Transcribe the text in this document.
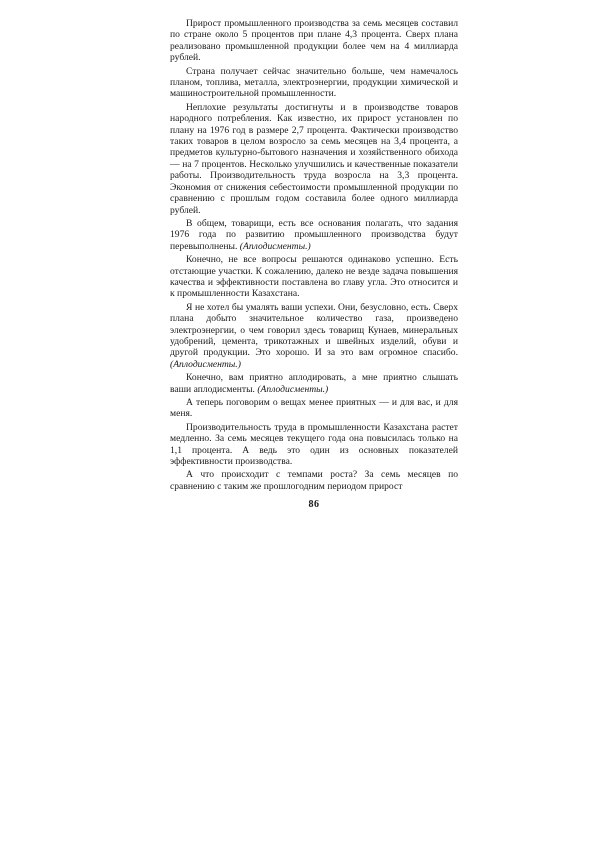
Прирост промышленного производства за семь месяцев составил по стране около 5 процентов при плане 4,3 процента. Сверх плана реализовано промышленной продукции более чем на 4 миллиарда рублей.

Страна получает сейчас значительно больше, чем намечалось планом, топлива, металла, электроэнергии, продукции химической и машиностроительной промышленности.

Неплохие результаты достигнуты и в производстве товаров народного потребления. Как известно, их прирост установлен по плану на 1976 год в размере 2,7 процента. Фактически производство таких товаров в целом возросло за семь месяцев на 3,4 процента, а предметов культурно-бытового назначения и хозяйственного обихода — на 7 процентов. Несколько улучшились и качественные показатели работы. Производительность труда возросла на 3,3 процента. Экономия от снижения себестоимости промышленной продукции по сравнению с прошлым годом составила более одного миллиарда рублей.

В общем, товарищи, есть все основания полагать, что задания 1976 года по развитию промышленного производства будут перевыполнены. (Аплодисменты.)

Конечно, не все вопросы решаются одинаково успешно. Есть отстающие участки. К сожалению, далеко не везде задача повышения качества и эффективности поставлена во главу угла. Это относится и к промышленности Казахстана.

Я не хотел бы умалять ваши успехи. Они, безусловно, есть. Сверх плана добыто значительное количество газа, произведено электроэнергии, о чем говорил здесь товарищ Кунаев, минеральных удобрений, цемента, трикотажных и швейных изделий, обуви и другой продукции. Это хорошо. И за это вам огромное спасибо. (Аплодисменты.)

Конечно, вам приятно аплодировать, а мне приятно слышать ваши аплодисменты. (Аплодисменты.)

А теперь поговорим о вещах менее приятных — и для вас, и для меня.

Производительность труда в промышленности Казахстана растет медленно. За семь месяцев текущего года она повысилась только на 1,1 процента. А ведь это один из основных показателей эффективности производства.

А что происходит с темпами роста? За семь месяцев по сравнению с таким же прошлогодним периодом прирост

86
